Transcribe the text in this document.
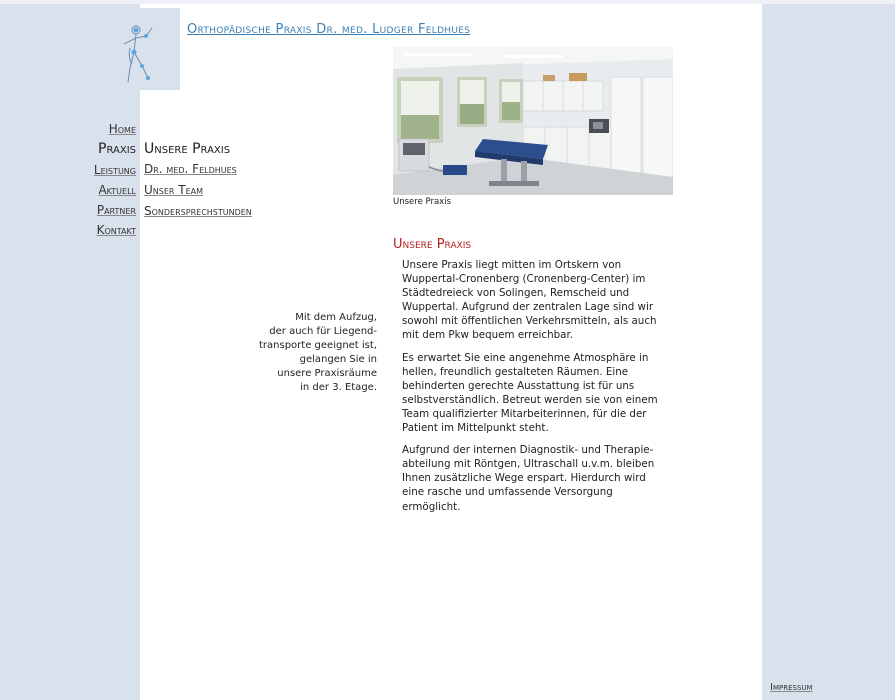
Orthopädische Praxis Dr. med. Ludger Feldhues
Home
Praxis
Leistung
Aktuell
Partner
Kontakt
Unsere Praxis
Dr. med. Feldhues
Unser Team
Sondersprechstunden
Mit dem Aufzug,
der auch für Liegend-
transporte geeignet ist,
gelangen Sie in
unsere Praxisräume
in der 3. Etage.
Unsere Praxis
Unsere Praxis

Unsere Praxis liegt mitten im Ortskern von Wuppertal-Cronenberg (Cronenberg-Center) im Städtedreieck von Solingen, Remscheid und Wuppertal. Aufgrund der zentralen Lage sind wir sowohl mit öffentlichen Verkehrsmitteln, als auch mit dem Pkw bequem erreichbar.

Es erwartet Sie eine angenehme Atmosphäre in hellen, freundlich gestalteten Räumen. Eine behinderten gerechte Ausstattung ist für uns selbstverständlich. Betreut werden sie von einem Team qualifizierter Mitarbeiterinnen, für die der Patient im Mittelpunkt steht.

Aufgrund der internen Diagnostik- und Therapie-abteilung mit Röntgen, Ultraschall u.v.m. bleiben Ihnen zusätzliche Wege erspart. Hierdurch wird eine rasche und umfassende Versorgung ermöglicht.

Impressum
